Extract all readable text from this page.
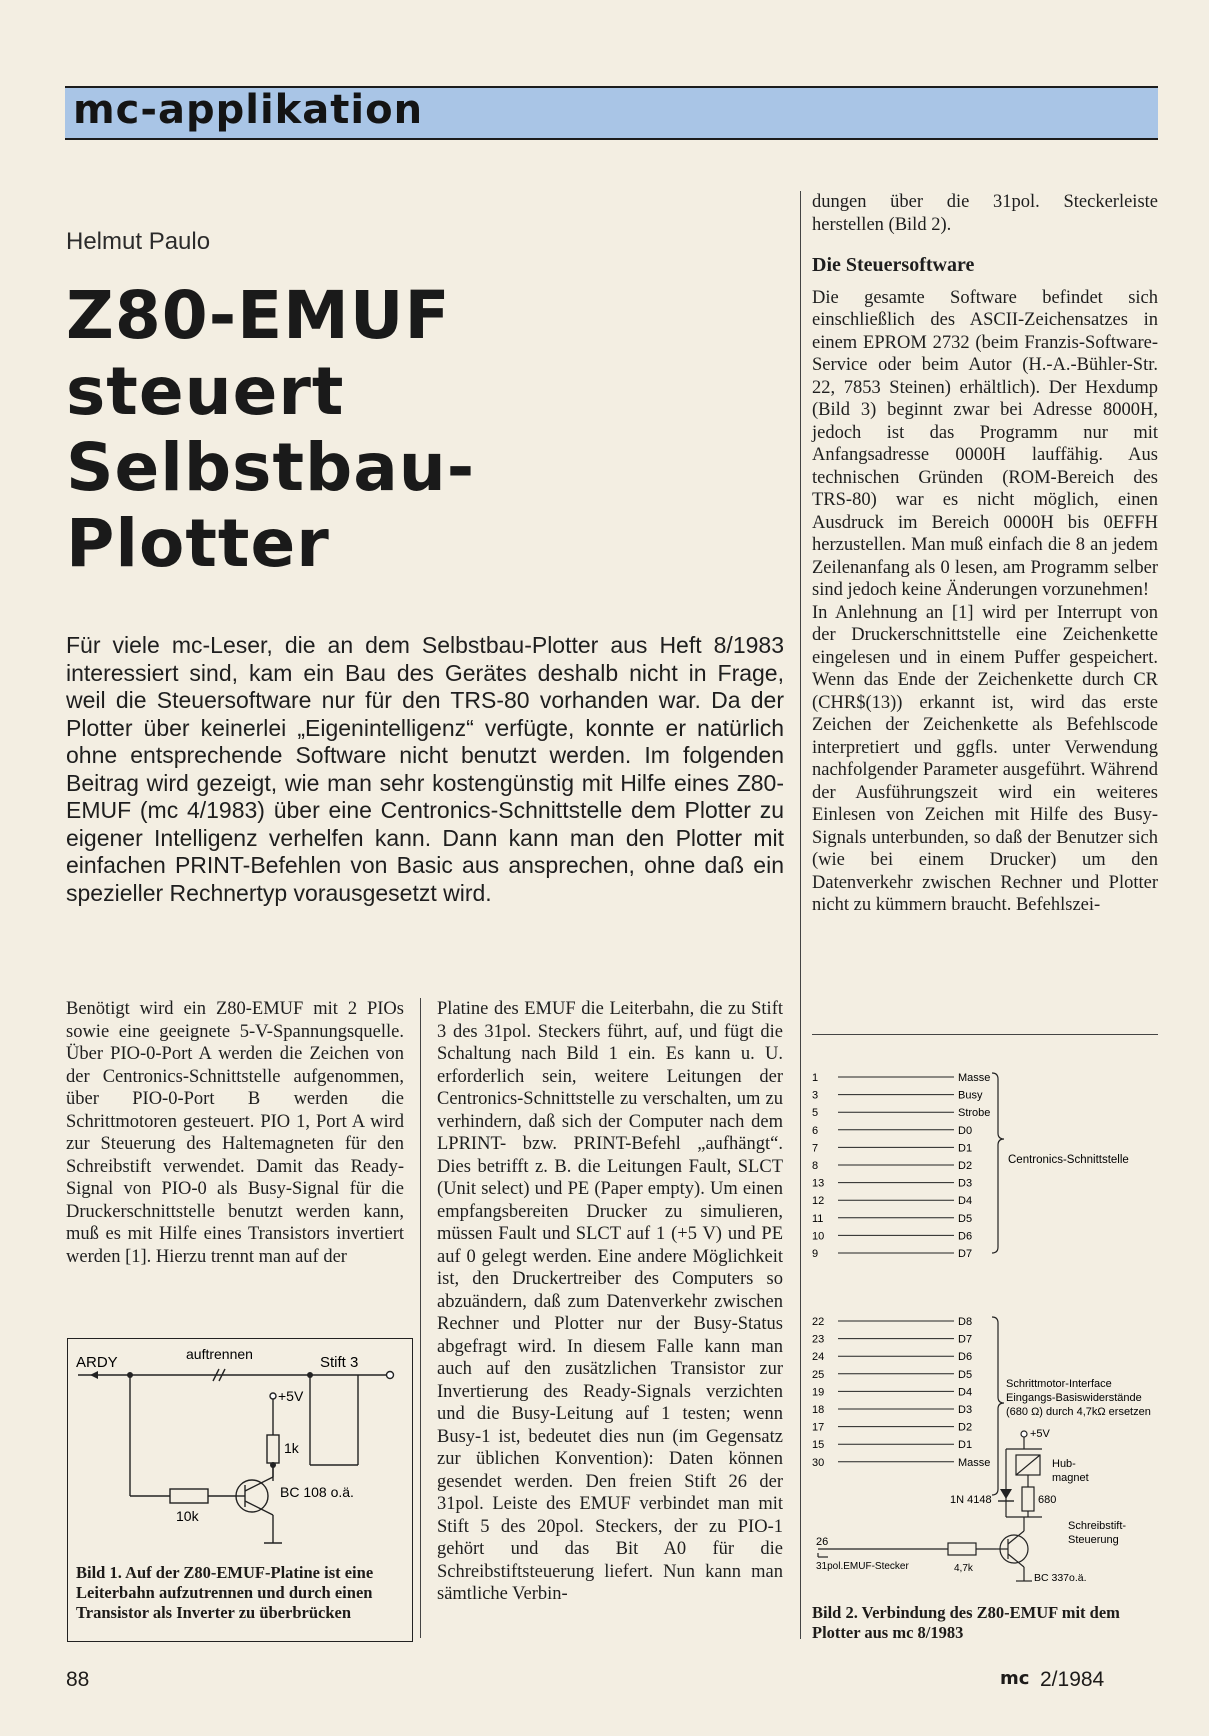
mc-applikation
Helmut Paulo
Z80-EMUF
steuert
Selbstbau-
Plotter
Für viele mc-Leser, die an dem Selbstbau-Plotter aus Heft 8/1983 interessiert sind, kam ein Bau des Gerätes deshalb nicht in Frage, weil die Steuersoftware nur für den TRS-80 vorhanden war. Da der Plotter über keinerlei „Eigenintelligenz“ verfügte, konnte er natürlich ohne entsprechende Software nicht benutzt werden. Im folgenden Beitrag wird gezeigt, wie man sehr kostengünstig mit Hilfe eines Z80-EMUF (mc 4/1983) über eine Centronics-Schnittstelle dem Plotter zu eigener Intelligenz verhelfen kann. Dann kann man den Plotter mit einfachen PRINT-Befehlen von Basic aus ansprechen, ohne daß ein spezieller Rechnertyp vorausgesetzt wird.

Benötigt wird ein Z80-EMUF mit 2 PIOs sowie eine geeignete 5-V-Spannungsquelle. Über PIO-0-Port A werden die Zeichen von der Centronics-Schnittstelle aufgenommen, über PIO-0-Port B werden die Schrittmotoren gesteuert. PIO 1, Port A wird zur Steuerung des Haltemagneten für den Schreibstift verwendet. Damit das Ready-Signal von PIO-0 als Busy-Signal für die Druckerschnittstelle benutzt werden kann, muß es mit Hilfe eines Transistors invertiert werden [1]. Hierzu trennt man auf der

Platine des EMUF die Leiterbahn, die zu Stift 3 des 31pol. Steckers führt, auf, und fügt die Schaltung nach Bild 1 ein. Es kann u. U. erforderlich sein, weitere Leitungen der Centronics-Schnittstelle zu verschalten, um zu verhindern, daß sich der Computer nach dem LPRINT- bzw. PRINT-Befehl „aufhängt“. Dies betrifft z. B. die Leitungen Fault, SLCT (Unit select) und PE (Paper empty). Um einen empfangsbereiten Drucker zu simulieren, müssen Fault und SLCT auf 1 (+5 V) und PE auf 0 gelegt werden. Eine andere Möglichkeit ist, den Druckertreiber des Computers so abzuändern, daß zum Datenverkehr zwischen Rechner und Plotter nur der Busy-Status abgefragt wird. In diesem Falle kann man auch auf den zusätzlichen Transistor zur Invertierung des Ready-Signals verzichten und die Busy-Leitung auf 1 testen; wenn Busy-1 ist, bedeutet dies nun (im Gegensatz zur üblichen Konvention): Daten können gesendet werden. Den freien Stift 26 der 31pol. Leiste des EMUF verbindet man mit Stift 5 des 20pol. Steckers, der zu PIO-1 gehört und das Bit A0 für die Schreibstiftsteuerung liefert. Nun kann man sämtliche Verbin-

dungen über die 31pol. Steckerleiste herstellen (Bild 2).

Die Steuersoftware

Die gesamte Software befindet sich einschließlich des ASCII-Zeichensatzes in einem EPROM 2732 (beim Franzis-Software-Service oder beim Autor (H.-A.-Bühler-Str. 22, 7853 Steinen) erhältlich). Der Hexdump (Bild 3) beginnt zwar bei Adresse 8000H, jedoch ist das Programm nur mit Anfangsadresse 0000H lauffähig. Aus technischen Gründen (ROM-Bereich des TRS-80) war es nicht möglich, einen Ausdruck im Bereich 0000H bis 0EFFH herzustellen. Man muß einfach die 8 an jedem Zeilenanfang als 0 lesen, am Programm selber sind jedoch keine Änderungen vorzunehmen!

In Anlehnung an [1] wird per Interrupt von der Druckerschnittstelle eine Zeichenkette eingelesen und in einem Puffer gespeichert. Wenn das Ende der Zeichenkette durch CR (CHR$(13)) erkannt ist, wird das erste Zeichen der Zeichenkette als Befehlscode interpretiert und ggfls. unter Verwendung nachfolgender Parameter ausgeführt. Während der Ausführungszeit wird ein weiteres Einlesen von Zeichen mit Hilfe des Busy-Signals unterbunden, so daß der Benutzer sich (wie bei einem Drucker) um den Datenverkehr zwischen Rechner und Plotter nicht zu kümmern braucht. Befehlszei-

ARDY	auftrennen	Stift 3
+5V
1k
10k
BC 108 o.ä.
Bild 1. Auf der Z80-EMUF-Platine ist eine Leiterbahn aufzutrennen und durch einen Transistor als Inverter zu überbrücken
1	Masse
3	Busy
5	Strobe
6	D0
7	D1
8	D2
13	D3
12	D4
11	D5
10	D6
9	D7
22	D8
23	D7
24	D6
25	D5
19	D4
18	D3
17	D2
15	D1
30	Masse
Centronics-Schnittstelle
Schrittmotor-Interface
Eingangs-Basiswiderstände
(680 Ω) durch 4,7kΩ ersetzen
+5V
Hub-
magnet
1N 4148	680
Schreibstift-
Steuerung
26
31pol.EMUF-Stecker	4,7k
BC 337o.ä.
Bild 2. Verbindung des Z80-EMUF mit dem Plotter aus mc 8/1983
88	mc 2/1984
